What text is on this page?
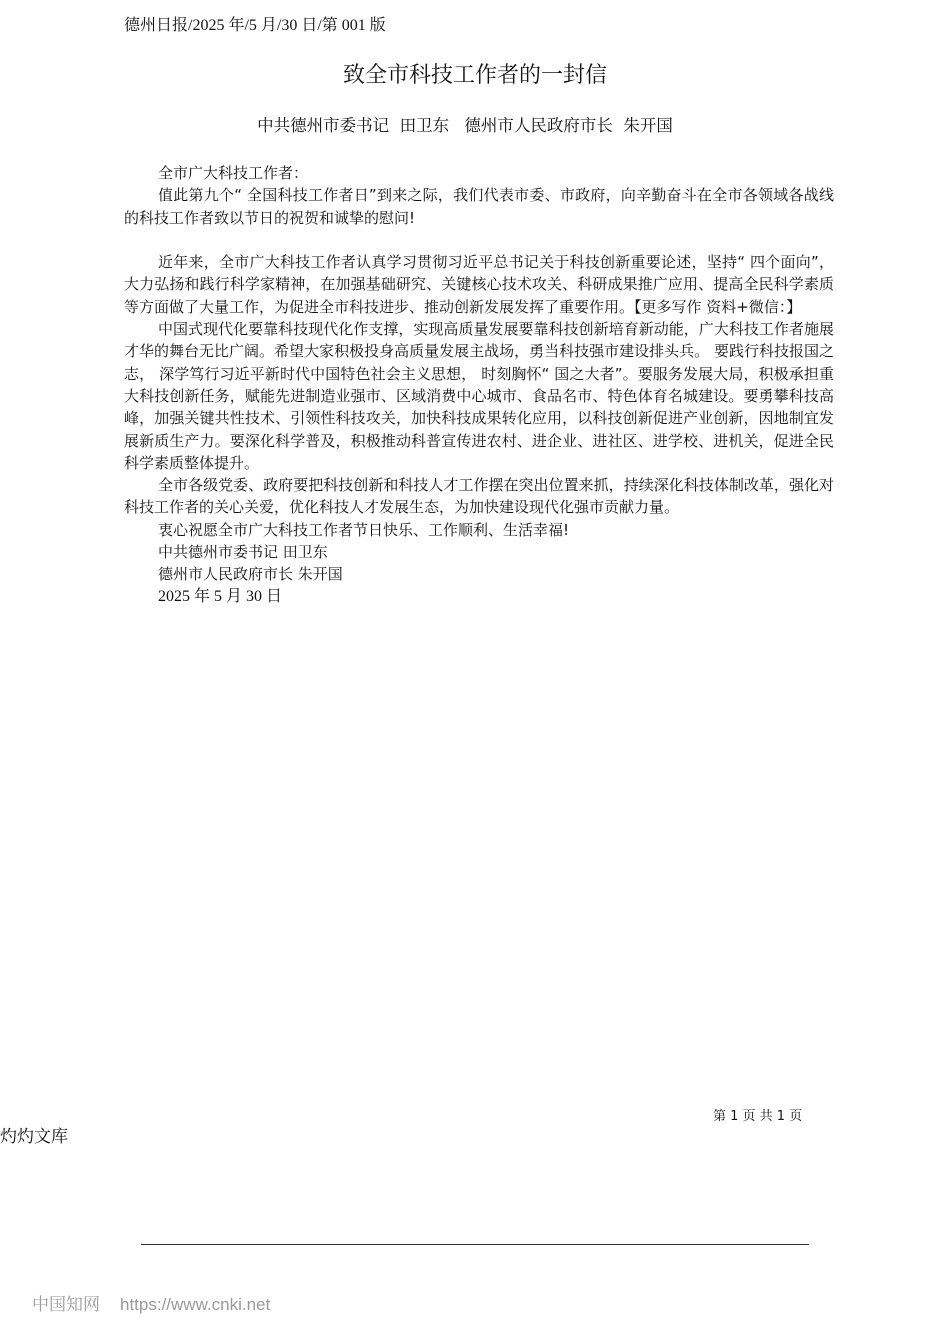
德州日报/2025 年/5 月/30 日/第 001 版
致全市科技工作者的一封信
中共德州市委书记  田卫东 德州市人民政府市长  朱开国

全市广大科技工作者：

值此第九个“ 全国科技工作者日”到来之际，我们代表市委、市政府，向辛勤奋斗在全市各领域各战线的科技工作者致以节日的祝贺和诚挚的慰问!

近年来，全市广大科技工作者认真学习贯彻习近平总书记关于科技创新重要论述，坚持“ 四个面向”，大力弘扬和践行科学家精神，在加强基础研究、关键核心技术攻关、科研成果推广应用、提高全民科学素质等方面做了大量工作，为促进全市科技进步、推动创新发展发挥了重要作用。【更多写作 资料+微信：】

中国式现代化要靠科技现代化作支撑，实现高质量发展要靠科技创新培育新动能，广大科技工作者施展才华的舞台无比广阔。希望大家积极投身高质量发展主战场，勇当科技强市建设排头兵。 要践行科技报国之志， 深学笃行习近平新时代中国特色社会主义思想， 时刻胸怀“ 国之大者”。要服务发展大局，积极承担重大科技创新任务，赋能先进制造业强市、区域消费中心城市、食品名市、特色体育名城建设。要勇攀科技高峰，加强关键共性技术、引领性科技攻关，加快科技成果转化应用，以科技创新促进产业创新，因地制宜发展新质生产力。要深化科学普及，积极推动科普宣传进农村、进企业、进社区、进学校、进机关，促进全民科学素质整体提升。

全市各级党委、政府要把科技创新和科技人才工作摆在突出位置来抓，持续深化科技体制改革，强化对科技工作者的关心关爱，优化科技人才发展生态，为加快建设现代化强市贡献力量。

衷心祝愿全市广大科技工作者节日快乐、工作顺利、生活幸福!

中共德州市委书记 田卫东

德州市人民政府市长 朱开国

2025 年 5 月 30 日

第 1 页 共 1 页
灼灼文库
中国知网 https://www.cnki.net
